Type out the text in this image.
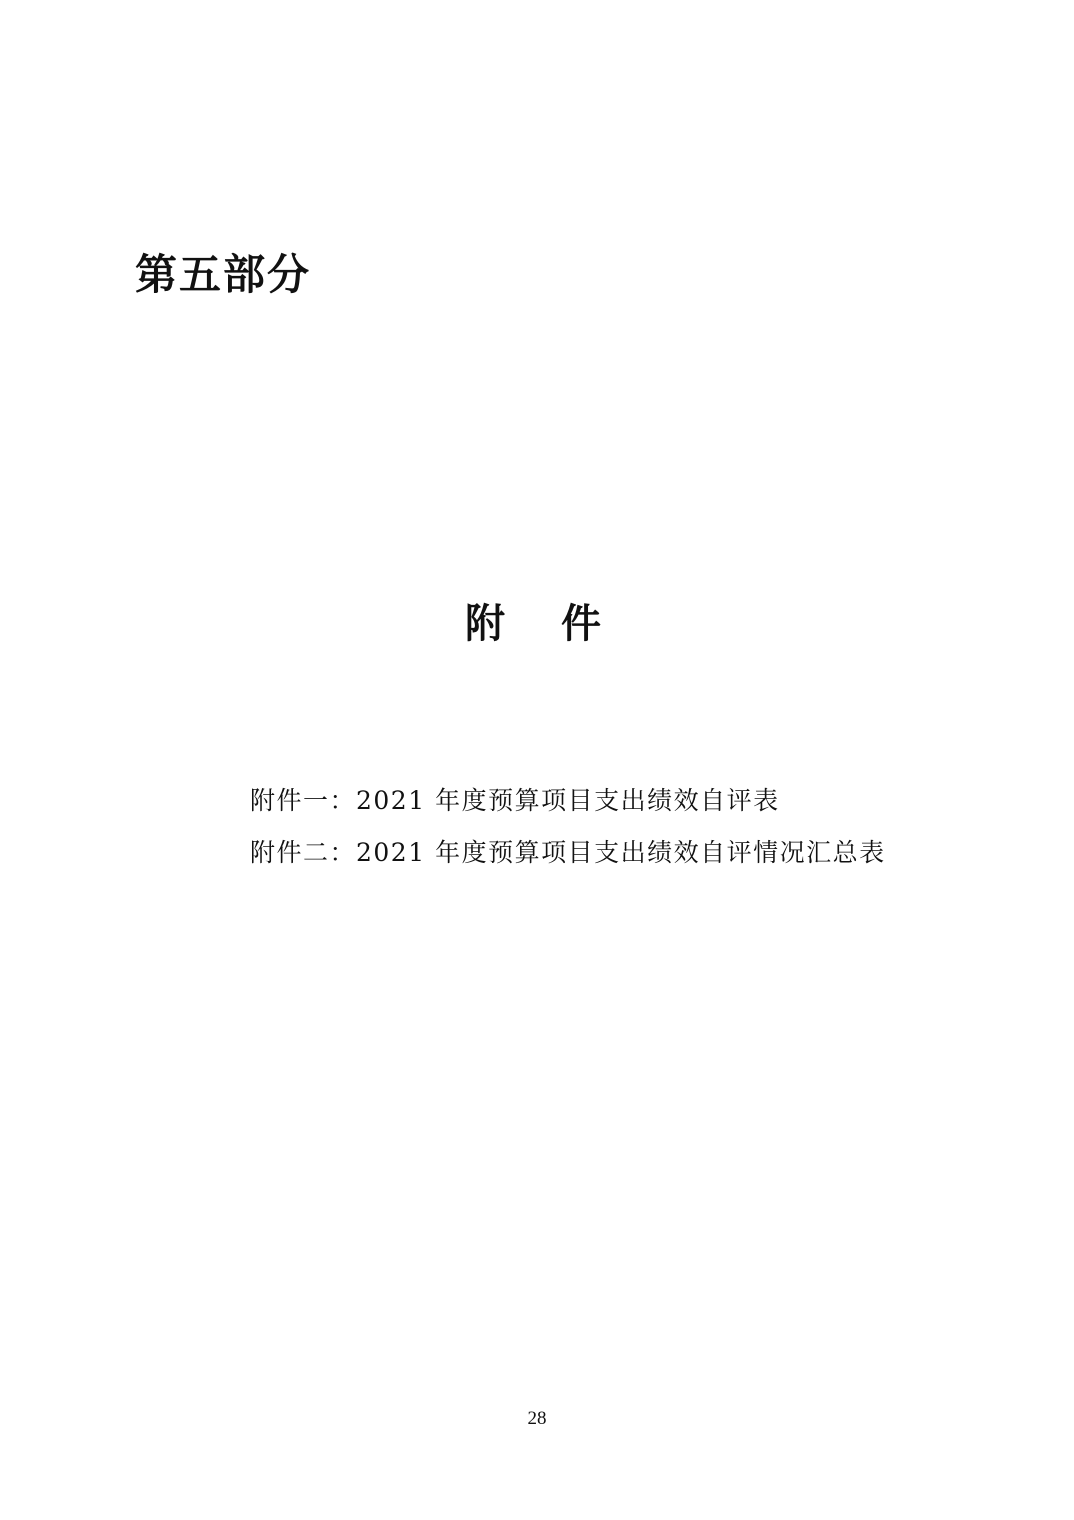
第五部分
附　件
附件一：2021 年度预算项目支出绩效自评表
附件二：2021 年度预算项目支出绩效自评情况汇总表
28
